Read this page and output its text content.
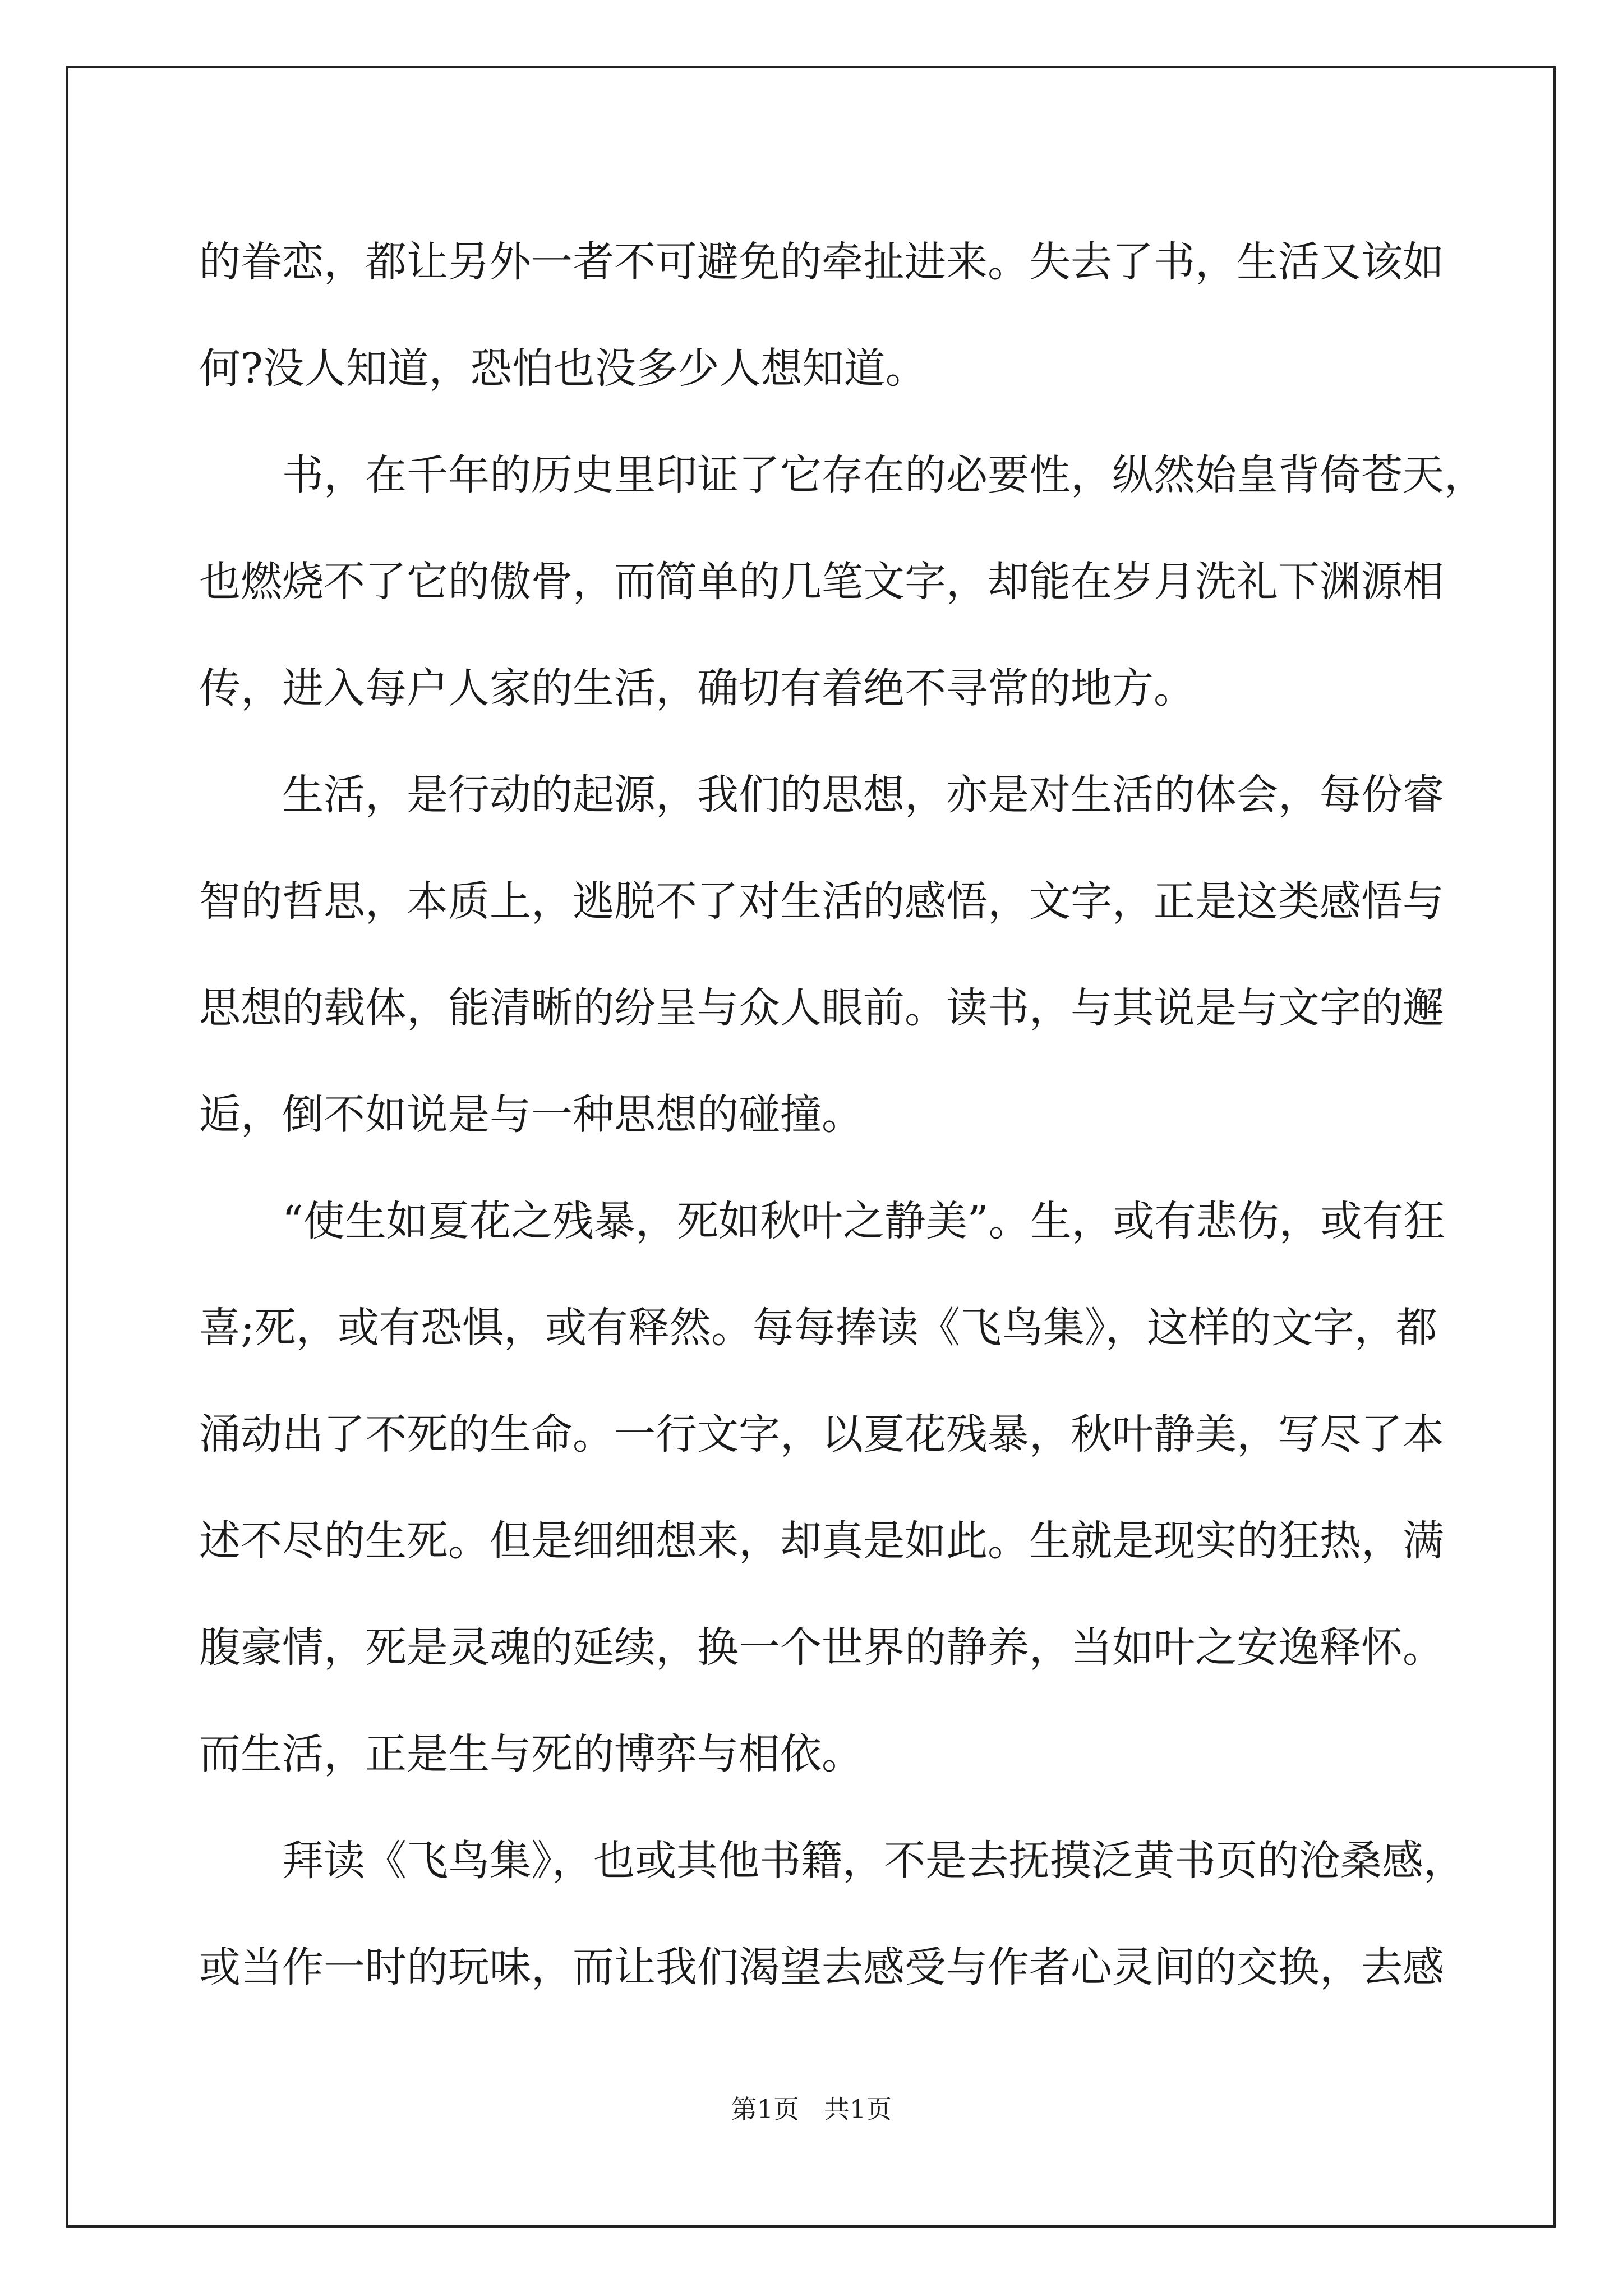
的眷恋，都让另外一者不可避免的牵扯进来。失去了书，生活又该如
何?没人知道，恐怕也没多少人想知道。
书，在千年的历史里印证了它存在的必要性，纵然始皇背倚苍天，
也燃烧不了它的傲骨，而简单的几笔文字，却能在岁月洗礼下渊源相
传，进入每户人家的生活，确切有着绝不寻常的地方。
生活，是行动的起源，我们的思想，亦是对生活的体会，每份睿
智的哲思，本质上，逃脱不了对生活的感悟，文字，正是这类感悟与
思想的载体，能清晰的纷呈与众人眼前。读书，与其说是与文字的邂
逅，倒不如说是与一种思想的碰撞。
“使生如夏花之残暴，死如秋叶之静美”。生，或有悲伤，或有狂
喜;死，或有恐惧，或有释然。每每捧读《飞鸟集》，这样的文字，都
涌动出了不死的生命。一行文字，以夏花残暴，秋叶静美，写尽了本
述不尽的生死。但是细细想来，却真是如此。生就是现实的狂热，满
腹豪情，死是灵魂的延续，换一个世界的静养，当如叶之安逸释怀。
而生活，正是生与死的博弈与相依。
拜读《飞鸟集》，也或其他书籍，不是去抚摸泛黄书页的沧桑感，
或当作一时的玩味，而让我们渴望去感受与作者心灵间的交换，去感
第1页 共1页
